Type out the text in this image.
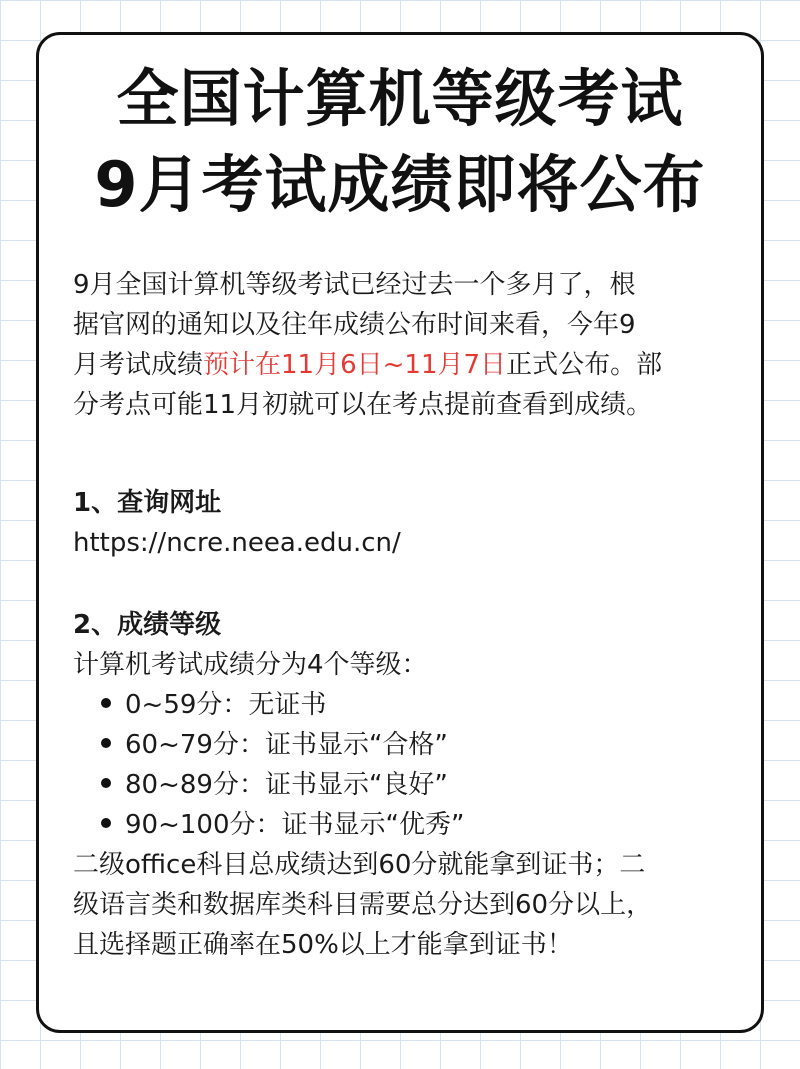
全国计算机等级考试
9月考试成绩即将公布
9月全国计算机等级考试已经过去一个多月了，根
据官网的通知以及往年成绩公布时间来看，今年9
月考试成绩预计在11月6日~11月7日正式公布。部
分考点可能11月初就可以在考点提前查看到成绩。
1、查询网址
https://ncre.neea.edu.cn/
2、成绩等级
计算机考试成绩分为4个等级：
0~59分：无证书
60~79分：证书显示“合格”
80~89分：证书显示“良好”
90~100分：证书显示“优秀”
二级office科目总成绩达到60分就能拿到证书；二
级语言类和数据库类科目需要总分达到60分以上，
且选择题正确率在50%以上才能拿到证书！
